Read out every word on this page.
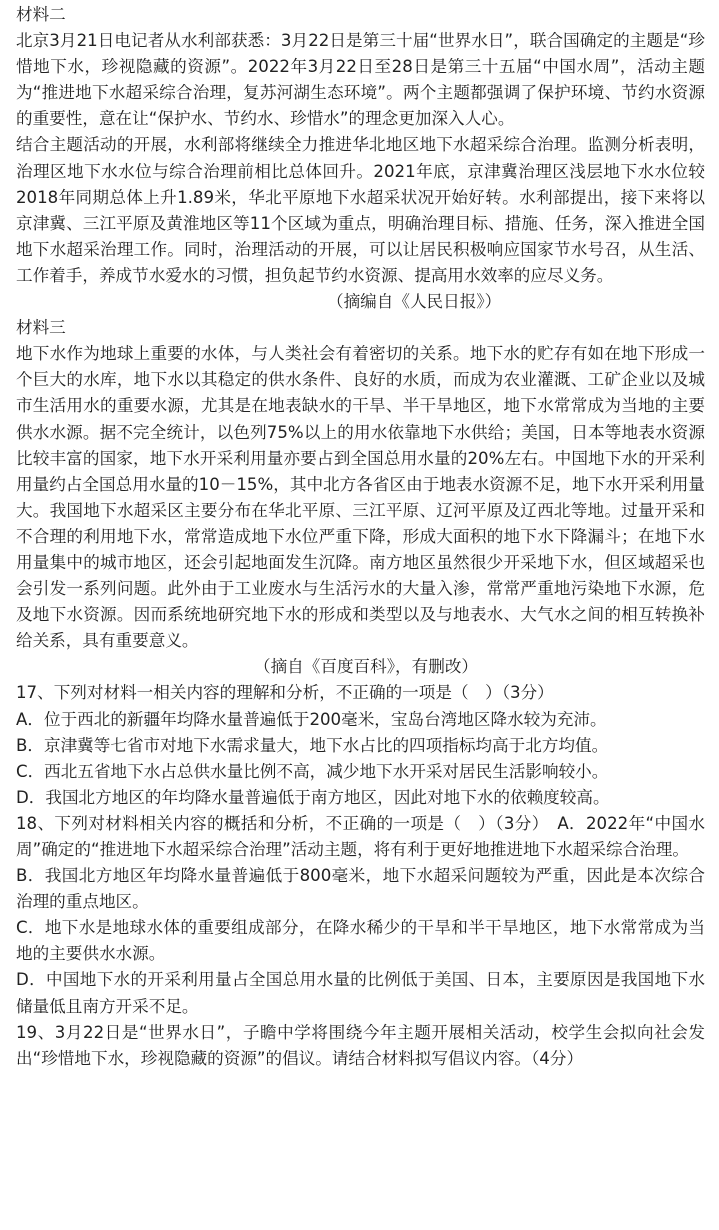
材料二

北京3月21日电记者从水利部获悉：3月22日是第三十届“世界水日”，联合国确定的主题是“珍惜地下水，珍视隐藏的资源”。2022年3月22日至28日是第三十五届“中国水周”，活动主题为“推进地下水超采综合治理，复苏河湖生态环境”。两个主题都强调了保护环境、节约水资源的重要性，意在让“保护水、节约水、珍惜水”的理念更加深入人心。

结合主题活动的开展，水利部将继续全力推进华北地区地下水超采综合治理。监测分析表明，治理区地下水水位与综合治理前相比总体回升。2021年底，京津冀治理区浅层地下水水位较2018年同期总体上升1.89米，华北平原地下水超采状况开始好转。水利部提出，接下来将以京津冀、三江平原及黄淮地区等11个区域为重点，明确治理目标、措施、任务，深入推进全国地下水超采治理工作。同时，治理活动的开展，可以让居民积极响应国家节水号召，从生活、工作着手，养成节水爱水的习惯，担负起节约水资源、提高用水效率的应尽义务。

（摘编自《人民日报》）
材料三

地下水作为地球上重要的水体，与人类社会有着密切的关系。地下水的贮存有如在地下形成一个巨大的水库，地下水以其稳定的供水条件、良好的水质，而成为农业灌溉、工矿企业以及城市生活用水的重要水源，尤其是在地表缺水的干旱、半干旱地区，地下水常常成为当地的主要供水水源。据不完全统计，以色列75%以上的用水依靠地下水供给；美国，日本等地表水资源比较丰富的国家，地下水开采利用量亦要占到全国总用水量的20%左右。中国地下水的开采利用量约占全国总用水量的10－15%，其中北方各省区由于地表水资源不足，地下水开采利用量大。我国地下水超采区主要分布在华北平原、三江平原、辽河平原及辽西北等地。过量开采和不合理的利用地下水，常常造成地下水位严重下降，形成大面积的地下水下降漏斗；在地下水用量集中的城市地区，还会引起地面发生沉降。南方地区虽然很少开采地下水，但区域超采也会引发一系列问题。此外由于工业废水与生活污水的大量入渗，常常严重地污染地下水源，危及地下水资源。因而系统地研究地下水的形成和类型以及与地表水、大气水之间的相互转换补给关系，具有重要意义。

（摘自《百度百科》，有删改）

17、下列对材料一相关内容的理解和分析，不正确的一项是（　）（3分）

A．位于西北的新疆年均降水量普遍低于200毫米，宝岛台湾地区降水较为充沛。

B．京津冀等七省市对地下水需求量大，地下水占比的四项指标均高于北方均值。

C．西北五省地下水占总供水量比例不高，减少地下水开采对居民生活影响较小。

D．我国北方地区的年均降水量普遍低于南方地区，因此对地下水的依赖度较高。

18、下列对材料相关内容的概括和分析，不正确的一项是（　）（3分）　A．2022年“中国水周”确定的“推进地下水超采综合治理”活动主题，将有利于更好地推进地下水超采综合治理。

B．我国北方地区年均降水量普遍低于800毫米，地下水超采问题较为严重，因此是本次综合治理的重点地区。

C．地下水是地球水体的重要组成部分，在降水稀少的干旱和半干旱地区，地下水常常成为当地的主要供水水源。

D．中国地下水的开采利用量占全国总用水量的比例低于美国、日本，主要原因是我国地下水储量低且南方开采不足。

19、3月22日是“世界水日”，子瞻中学将围绕今年主题开展相关活动，校学生会拟向社会发出“珍惜地下水，珍视隐藏的资源”的倡议。请结合材料拟写倡议内容。（4分）
